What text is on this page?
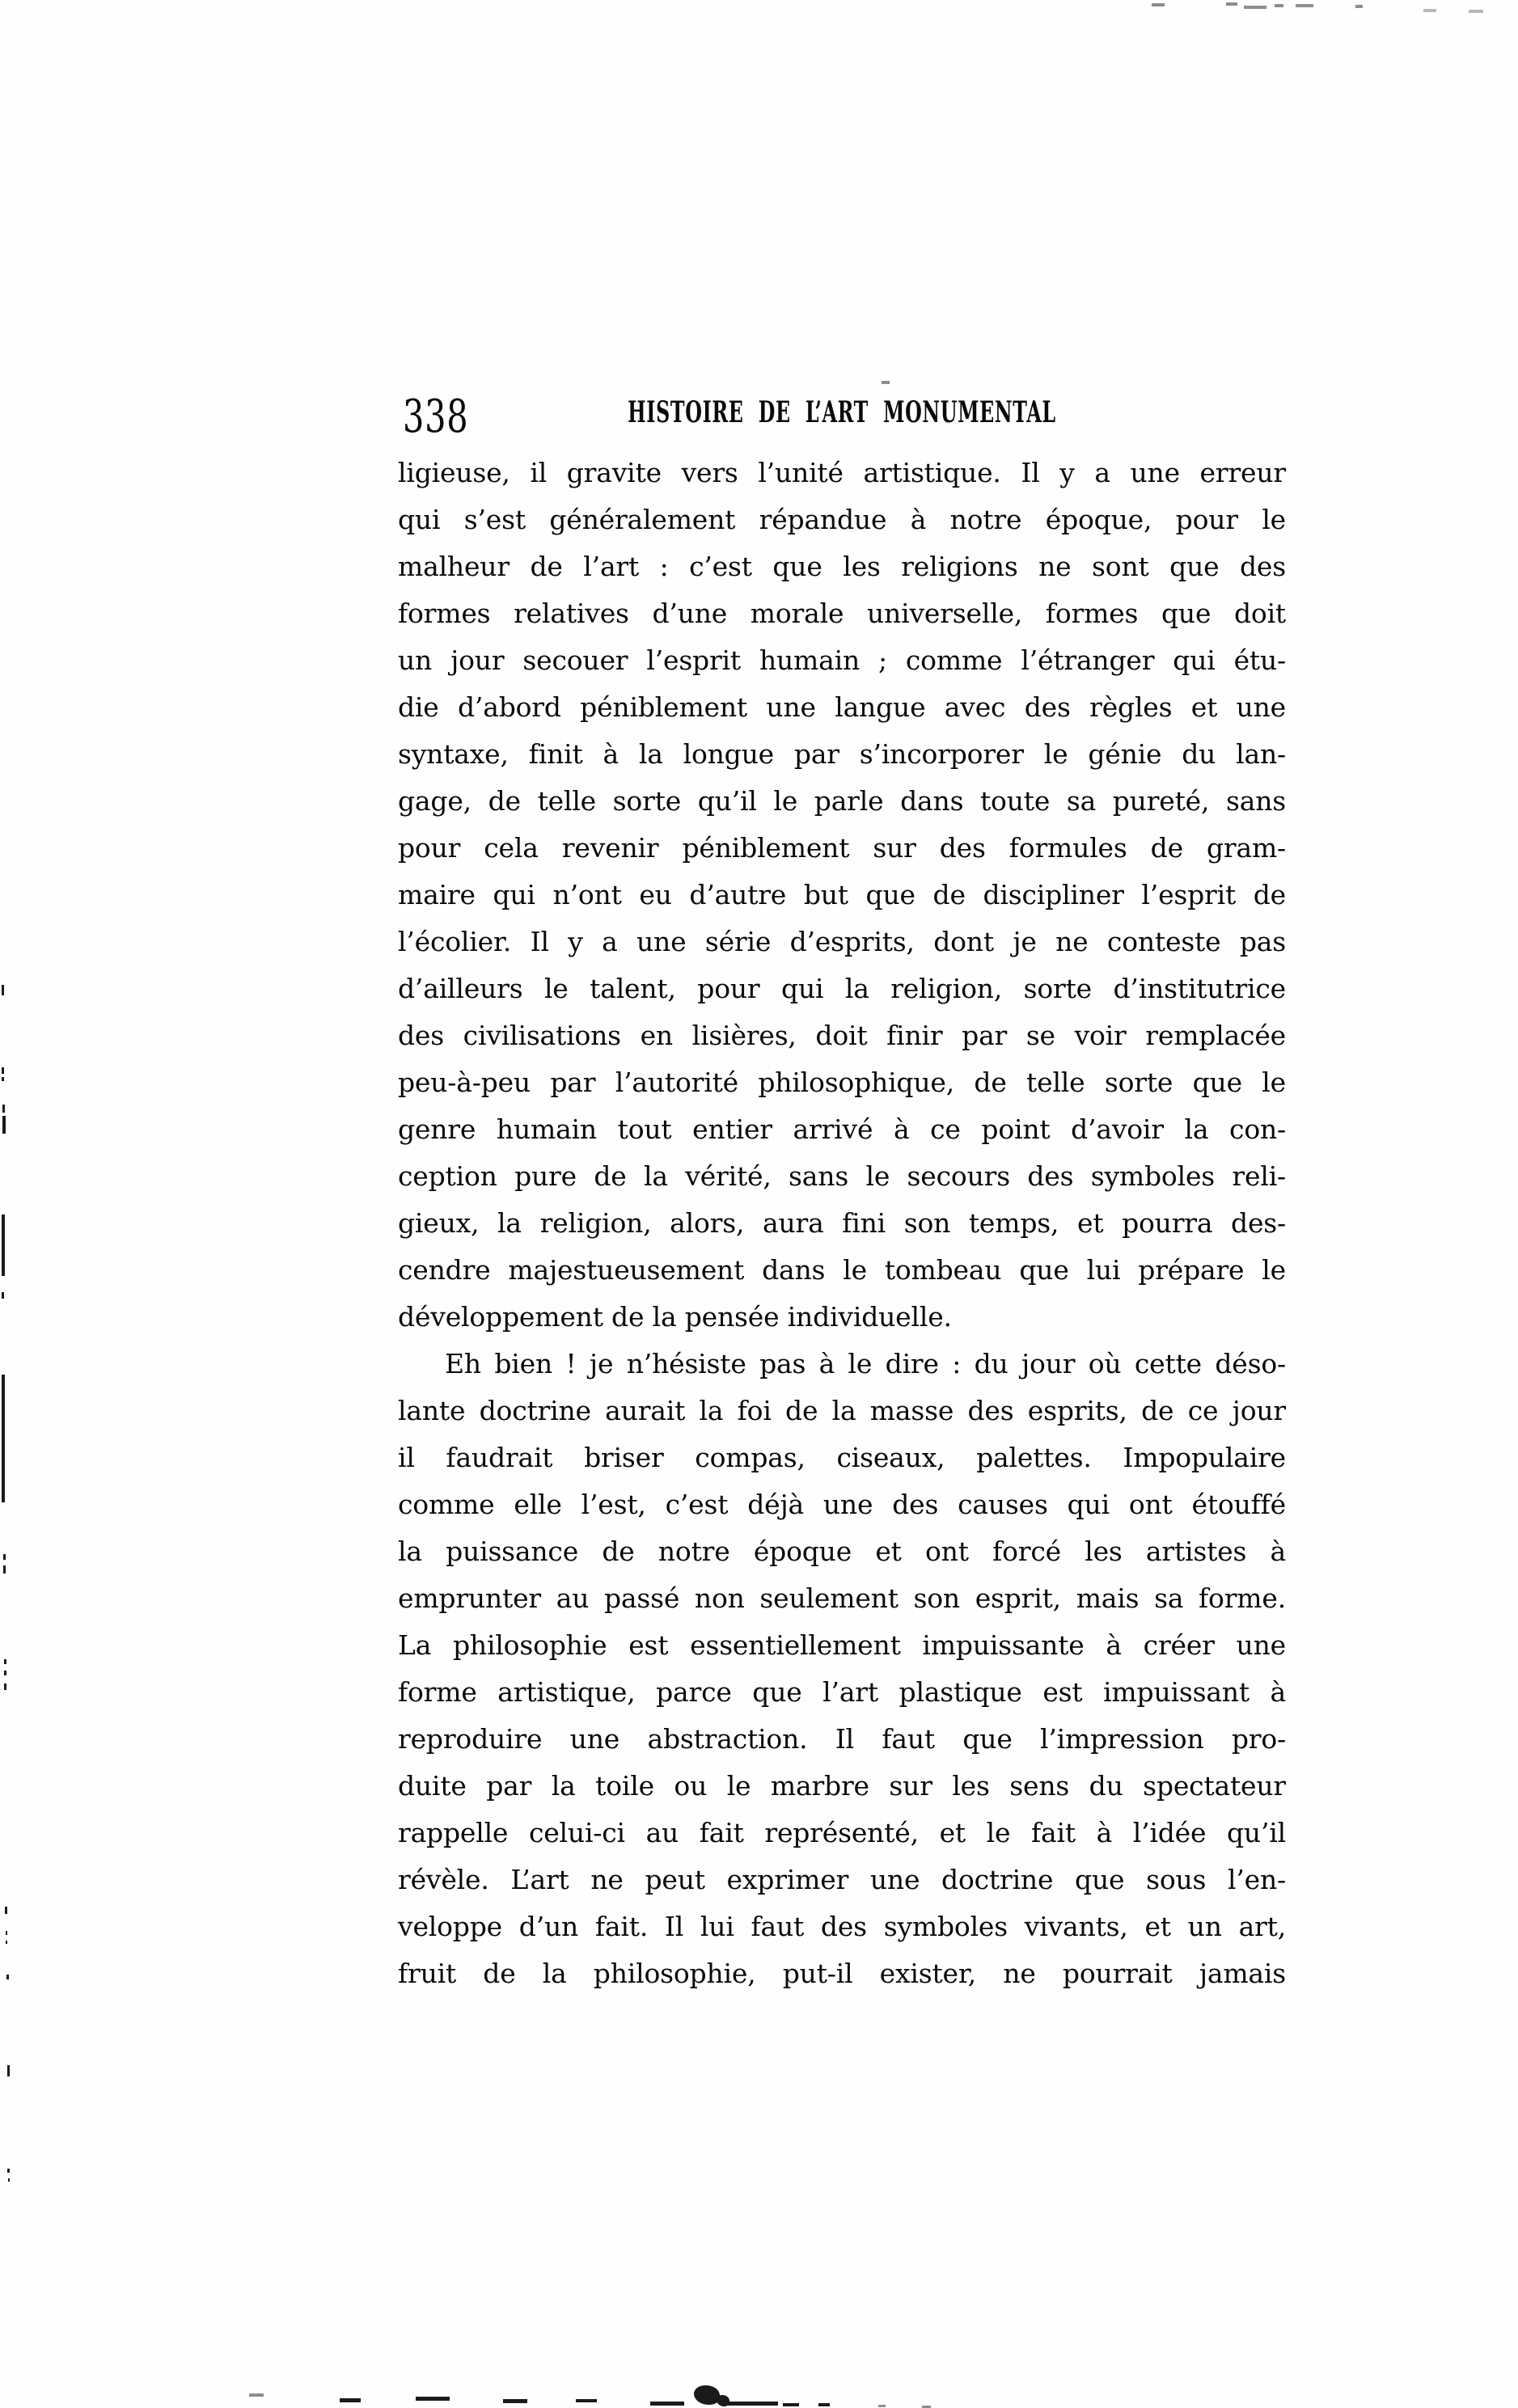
338	HISTOIRE DE L’ART MONUMENTAL
ligieuse, il gravite vers l’unité artistique. Il y a une erreur
qui s’est généralement répandue à notre époque, pour le
malheur de l’art : c’est que les religions ne sont que des
formes relatives d’une morale universelle, formes que doit
un jour secouer l’esprit humain ; comme l’étranger qui étu-
die d’abord péniblement une langue avec des règles et une
syntaxe, finit à la longue par s’incorporer le génie du lan-
gage, de telle sorte qu’il le parle dans toute sa pureté, sans
pour cela revenir péniblement sur des formules de gram-
maire qui n’ont eu d’autre but que de discipliner l’esprit de
l’écolier. Il y a une série d’esprits, dont je ne conteste pas
d’ailleurs le talent, pour qui la religion, sorte d’institutrice
des civilisations en lisières, doit finir par se voir remplacée
peu-à-peu par l’autorité philosophique, de telle sorte que le
genre humain tout entier arrivé à ce point d’avoir la con-
ception pure de la vérité, sans le secours des symboles reli-
gieux, la religion, alors, aura fini son temps, et pourra des-
cendre majestueusement dans le tombeau que lui prépare le
développement de la pensée individuelle.
Eh bien ! je n’hésiste pas à le dire : du jour où cette déso-
lante doctrine aurait la foi de la masse des esprits, de ce jour
il faudrait briser compas, ciseaux, palettes. Impopulaire
comme elle l’est, c’est déjà une des causes qui ont étouffé
la puissance de notre époque et ont forcé les artistes à
emprunter au passé non seulement son esprit, mais sa forme.
La philosophie est essentiellement impuissante à créer une
forme artistique, parce que l’art plastique est impuissant à
reproduire une abstraction. Il faut que l’impression pro-
duite par la toile ou le marbre sur les sens du spectateur
rappelle celui-ci au fait représenté, et le fait à l’idée qu’il
révèle. L’art ne peut exprimer une doctrine que sous l’en-
veloppe d’un fait. Il lui faut des symboles vivants, et un art,
fruit de la philosophie, put-il exister, ne pourrait jamais
